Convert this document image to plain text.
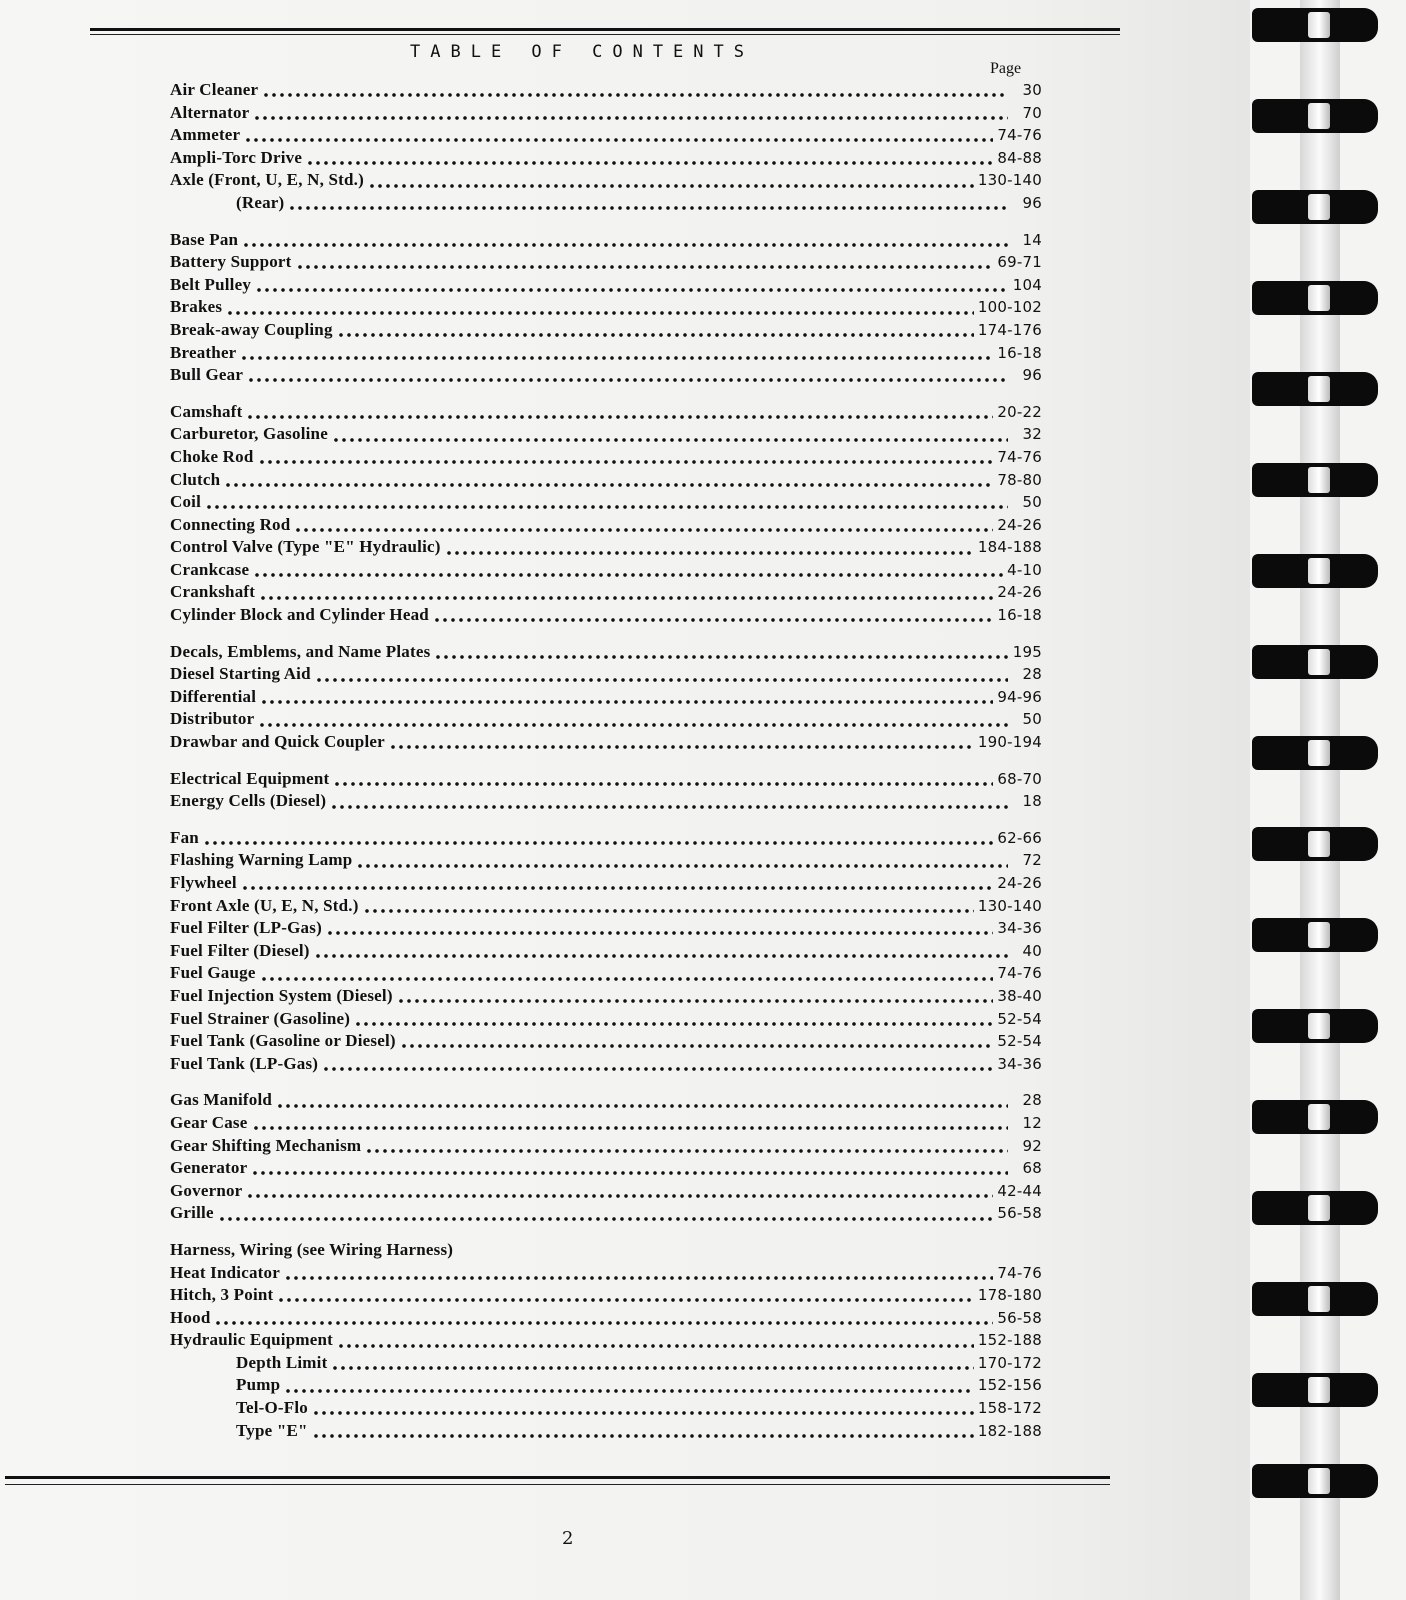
TABLE OF CONTENTS
Page
Air Cleaner	30
Alternator	70
Ammeter	74-76
Ampli-Torc Drive	84-88
Axle (Front, U, E, N, Std.)	130-140
(Rear)	96
Base Pan	14
Battery Support	69-71
Belt Pulley	104
Brakes	100-102
Break-away Coupling	174-176
Breather	16-18
Bull Gear	96
Camshaft	20-22
Carburetor, Gasoline	32
Choke Rod	74-76
Clutch	78-80
Coil	50
Connecting Rod	24-26
Control Valve (Type "E" Hydraulic)	184-188
Crankcase	4-10
Crankshaft	24-26
Cylinder Block and Cylinder Head	16-18
Decals, Emblems, and Name Plates	195
Diesel Starting Aid	28
Differential	94-96
Distributor	50
Drawbar and Quick Coupler	190-194
Electrical Equipment	68-70
Energy Cells (Diesel)	18
Fan	62-66
Flashing Warning Lamp	72
Flywheel	24-26
Front Axle (U, E, N, Std.)	130-140
Fuel Filter (LP-Gas)	34-36
Fuel Filter (Diesel)	40
Fuel Gauge	74-76
Fuel Injection System (Diesel)	38-40
Fuel Strainer (Gasoline)	52-54
Fuel Tank (Gasoline or Diesel)	52-54
Fuel Tank (LP-Gas)	34-36
Gas Manifold	28
Gear Case	12
Gear Shifting Mechanism	92
Generator	68
Governor	42-44
Grille	56-58
Harness, Wiring (see Wiring Harness)
Heat Indicator	74-76
Hitch, 3 Point	178-180
Hood	56-58
Hydraulic Equipment	152-188
Depth Limit	170-172
Pump	152-156
Tel-O-Flo	158-172
Type "E"	182-188
2
